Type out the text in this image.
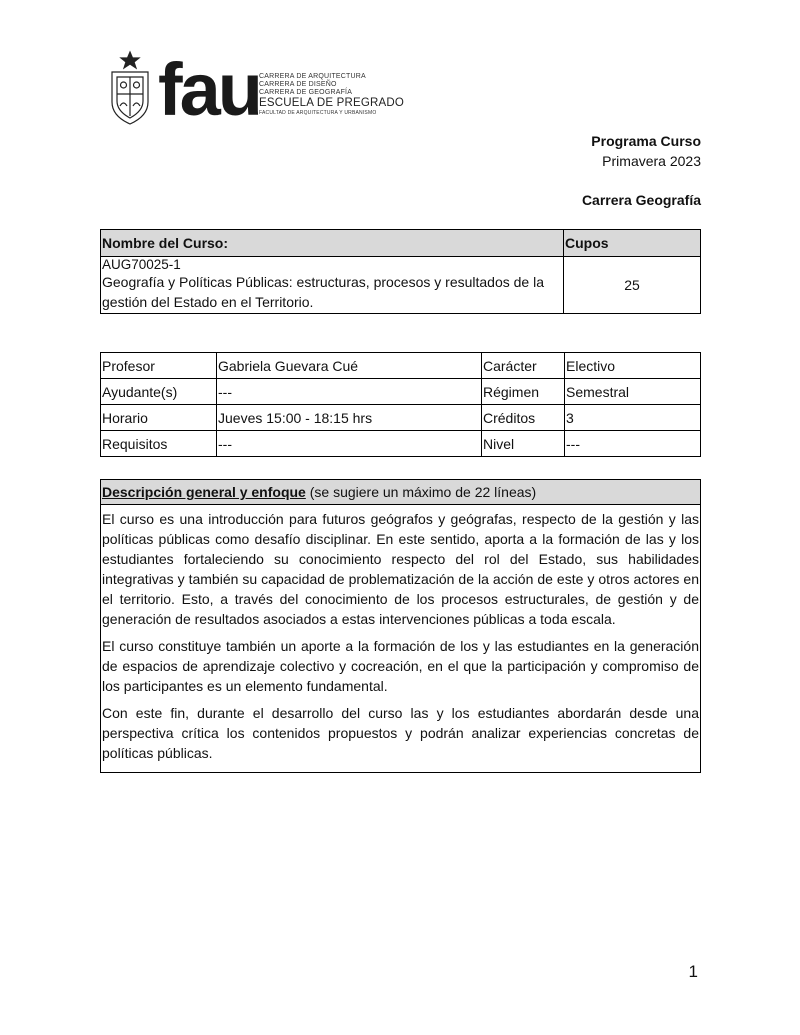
fau CARRERA DE ARQUITECTURA
CARRERA DE DISEÑO
CARRERA DE GEOGRAFÍA
ESCUELA DE PREGRADO
FACULTAD DE ARQUITECTURA Y URBANISMO
Programa Curso
Primavera 2023
Carrera Geografía
Nombre del Curso:	Cupos

AUG70025-1
Geografía y Políticas Públicas: estructuras, procesos y resultados de la gestión del Estado en el Territorio.	25
Profesor	Gabriela Guevara Cué	Carácter	Electivo
Ayudante(s)	---	Régimen	Semestral
Horario	Jueves 15:00 - 18:15 hrs	Créditos	3
Requisitos	---	Nivel	---
Descripción general y enfoque (se sugiere un máximo de 22 líneas)

El curso es una introducción para futuros geógrafos y geógrafas, respecto de la gestión y las políticas públicas como desafío disciplinar. En este sentido, aporta a la formación de las y los estudiantes fortaleciendo su conocimiento respecto del rol del Estado, sus habilidades integrativas y también su capacidad de problematización de la acción de este y otros actores en el territorio. Esto, a través del conocimiento de los procesos estructurales, de gestión y de generación de resultados asociados a estas intervenciones públicas a toda escala.

El curso constituye también un aporte a la formación de los y las estudiantes en la generación de espacios de aprendizaje colectivo y cocreación, en el que la participación y compromiso de los participantes es un elemento fundamental.

Con este fin, durante el desarrollo del curso las y los estudiantes abordarán desde una perspectiva crítica los contenidos propuestos y podrán analizar experiencias concretas de políticas públicas.

1
